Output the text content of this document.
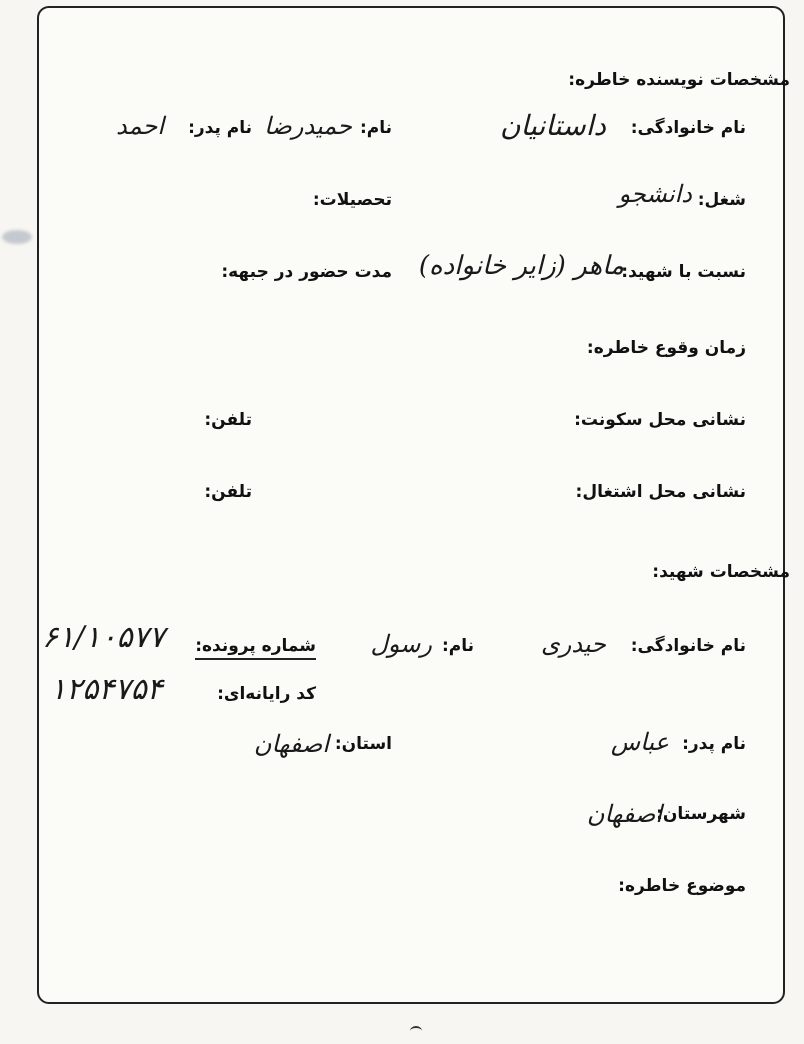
مشخصات نویسنده خاطره:
نام خانوادگی:
داستانیان
نام:
حمیدرضا
نام پدر:
احمد
شغل:
دانشجو
تحصیلات:
نسبت با شهید:
ماهر (زایر خانواده)
مدت حضور در جبهه:
زمان وقوع خاطره:
نشانی محل سکونت:
تلفن:
نشانی محل اشتغال:
تلفن:
مشخصات شهید:
نام خانوادگی:
حیدری
نام:
رسول
شماره پرونده:
۶۱/۱۰۵۷۷
کد رایانه‌ای:
۱۲۵۴۷۵۴
نام پدر:
عباس
استان:
اصفهان
شهرستان:
اصفهان
موضوع خاطره:
